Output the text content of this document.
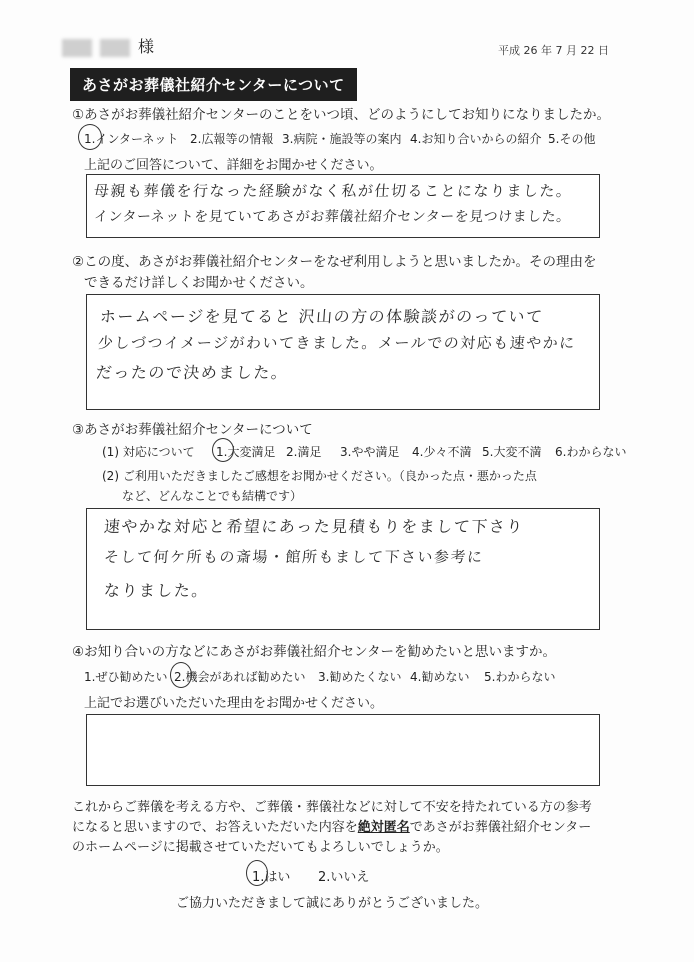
様	平成 26 年 7 月 22 日
あさがお葬儀社紹介センターについて
①あさがお葬儀社紹介センターのことをいつ頃、どのようにしてお知りになりましたか。
1.インターネット 2.広報等の情報 3.病院・施設等の案内 4.お知り合いからの紹介 5.その他
上記のご回答について、詳細をお聞かせください。
母親も葬儀を行なった経験がなく私が仕切ることになりました。
インターネットを見ていてあさがお葬儀社紹介センターを見つけました。
②この度、あさがお葬儀社紹介センターをなぜ利用しようと思いましたか。その理由を
できるだけ詳しくお聞かせください。
ホームページを見てると 沢山の方の体験談がのっていて
少しづつイメージがわいてきました。メールでの対応も速やかに
だったので決めました。
③あさがお葬儀社紹介センターについて
(1) 対応について 1.大変満足 2.満足 3.やや満足 4.少々不満 5.大変不満 6.わからない
(2) ご利用いただきましたご感想をお聞かせください。（良かった点・悪かった点
など、どんなことでも結構です）
速やかな対応と希望にあった見積もりをまして下さり
そして何ケ所もの斎場・館所もまして下さい参考に
なりました。
④お知り合いの方などにあさがお葬儀社紹介センターを勧めたいと思いますか。
1.ぜひ勧めたい 2.機会があれば勧めたい 3.勧めたくない 4.勧めない 5.わからない
上記でお選びいただいた理由をお聞かせください。
これからご葬儀を考える方や、ご葬儀・葬儀社などに対して不安を持たれている方の参考
になると思いますので、お答えいただいた内容を絶対匿名であさがお葬儀社紹介センター
のホームページに掲載させていただいてもよろしいでしょうか。
1.はい 2.いいえ
ご協力いただきまして誠にありがとうございました。
